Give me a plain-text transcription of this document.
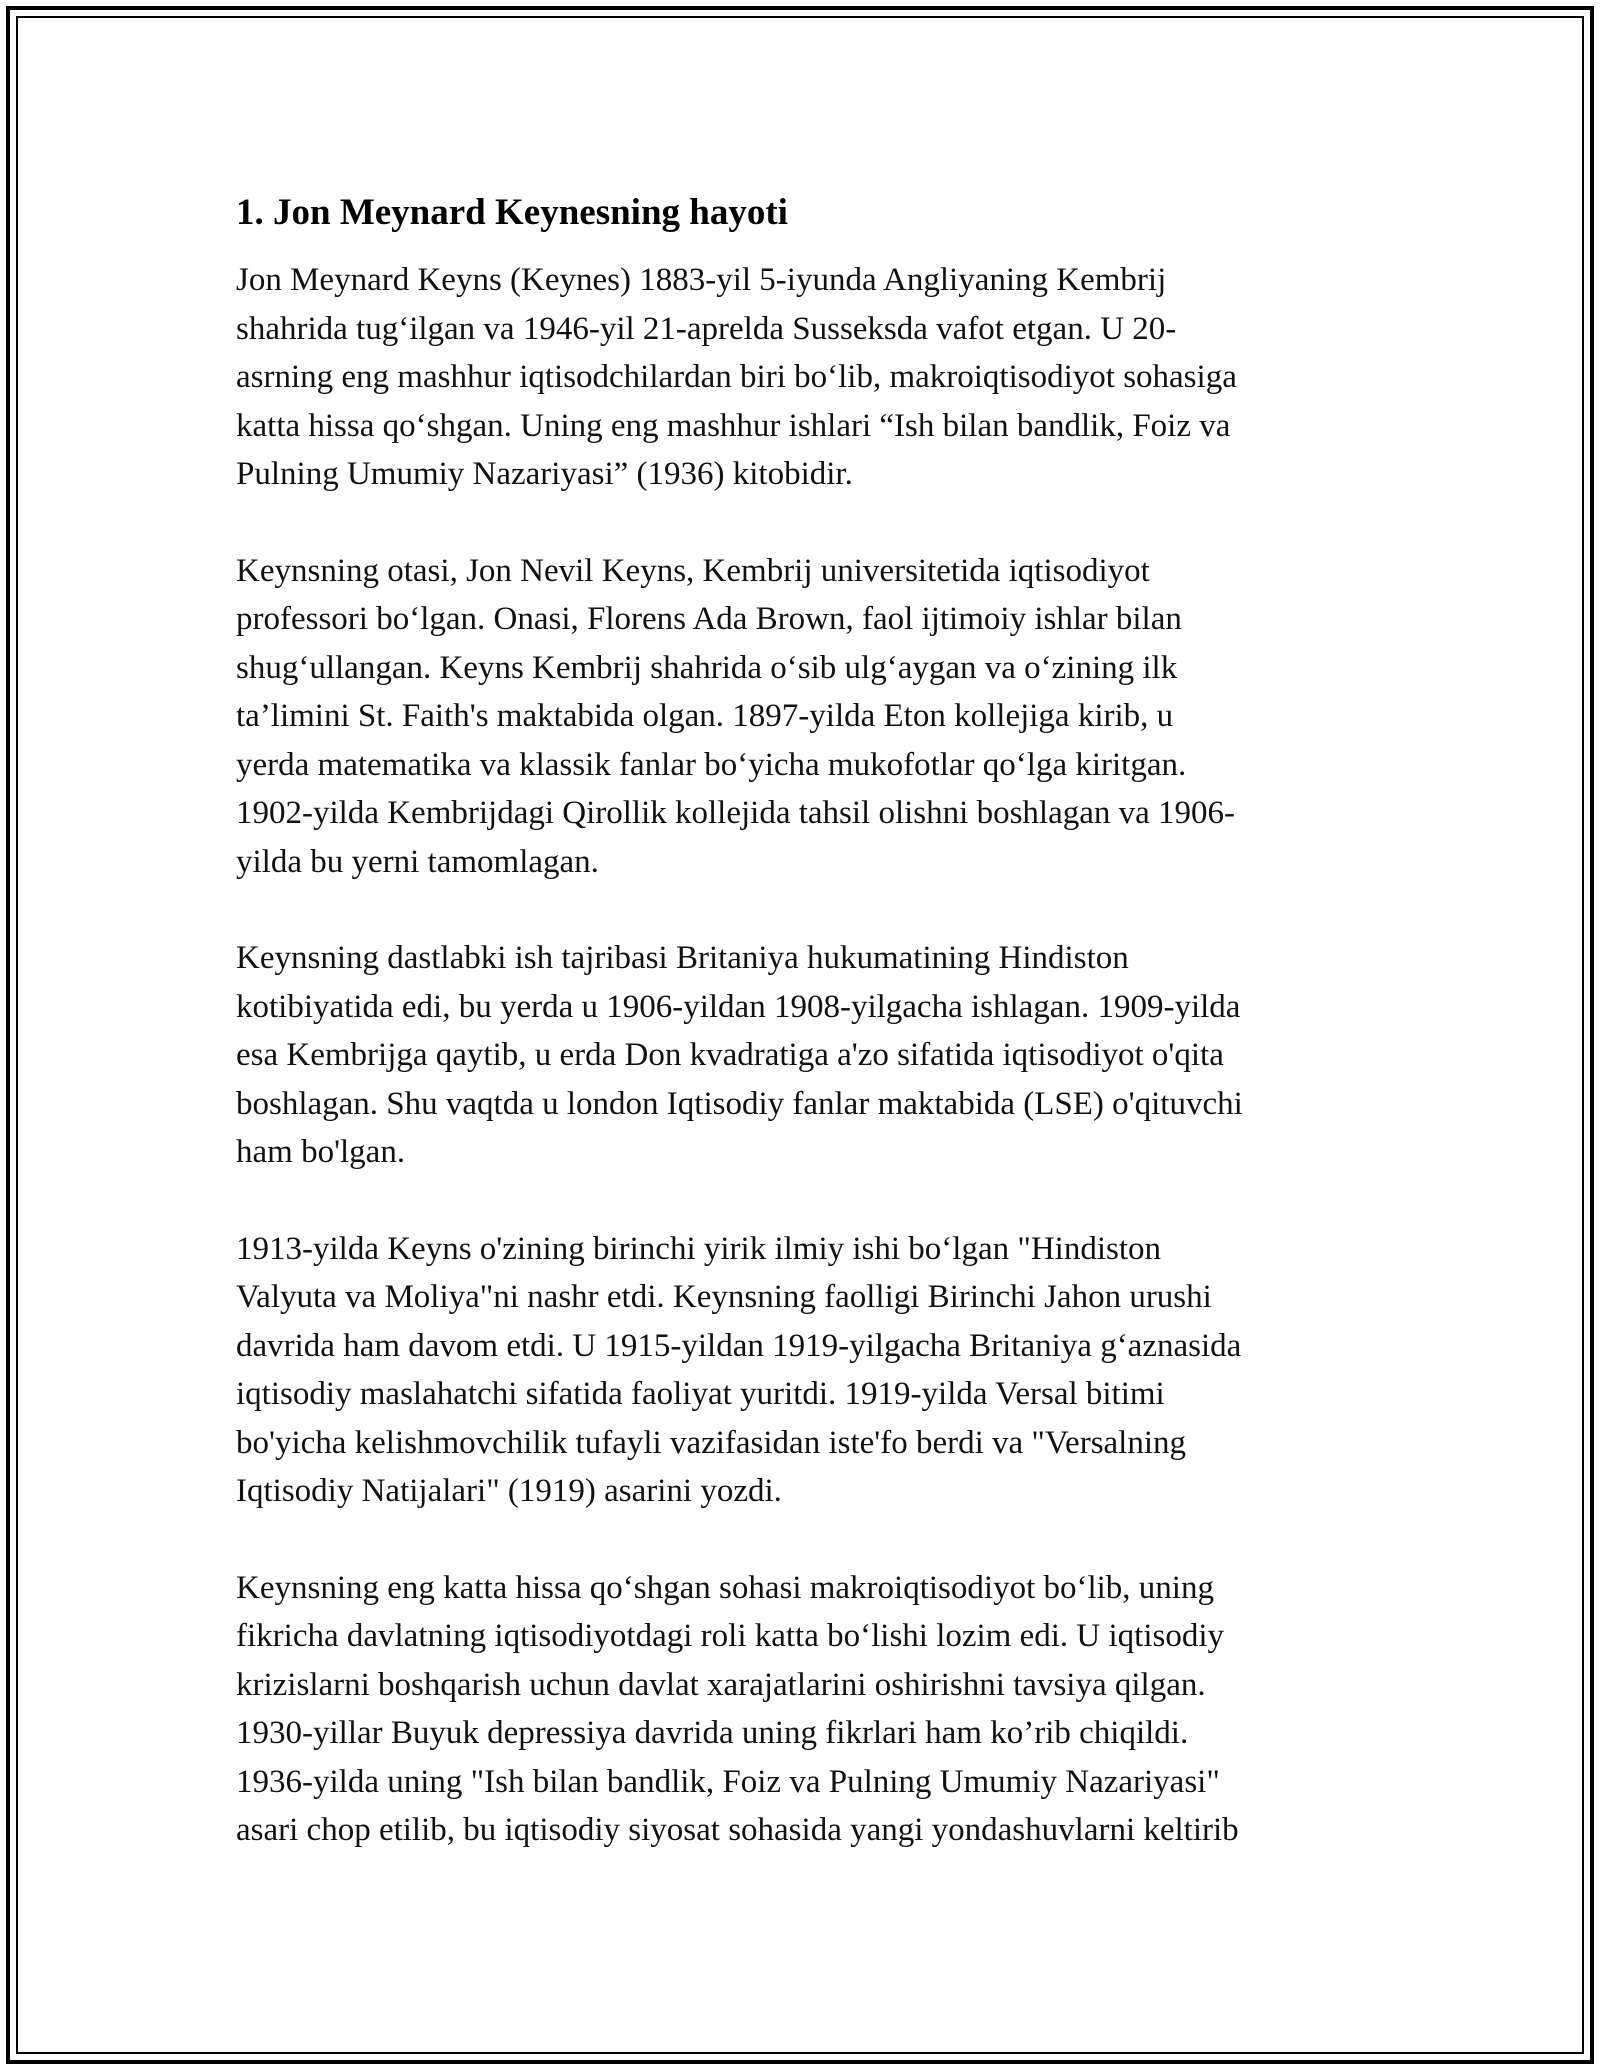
1. Jon Meynard Keynesning hayoti

Jon Meynard Keyns (Keynes) 1883-yil 5-iyunda Angliyaning Kembrij
shahrida tug‘ilgan va 1946-yil 21-aprelda Susseksda vafot etgan. U 20-
asrning eng mashhur iqtisodchilardan biri bo‘lib, makroiqtisodiyot sohasiga
katta hissa qo‘shgan. Uning eng mashhur ishlari “Ish bilan bandlik, Foiz va
Pulning Umumiy Nazariyasi” (1936) kitobidir.

Keynsning otasi, Jon Nevil Keyns, Kembrij universitetida iqtisodiyot
professori bo‘lgan. Onasi, Florens Ada Brown, faol ijtimoiy ishlar bilan
shug‘ullangan. Keyns Kembrij shahrida o‘sib ulg‘aygan va o‘zining ilk
ta’limini St. Faith's maktabida olgan. 1897-yilda Eton kollejiga kirib, u
yerda matematika va klassik fanlar bo‘yicha mukofotlar qo‘lga kiritgan.
1902-yilda Kembrijdagi Qirollik kollejida tahsil olishni boshlagan va 1906-
yilda bu yerni tamomlagan.

Keynsning dastlabki ish tajribasi Britaniya hukumatining Hindiston
kotibiyatida edi, bu yerda u 1906-yildan 1908-yilgacha ishlagan. 1909-yilda
esa Kembrijga qaytib, u erda Don kvadratiga a'zo sifatida iqtisodiyot o'qita
boshlagan. Shu vaqtda u london Iqtisodiy fanlar maktabida (LSE) o'qituvchi
ham bo'lgan.

1913-yilda Keyns o'zining birinchi yirik ilmiy ishi bo‘lgan "Hindiston
Valyuta va Moliya"ni nashr etdi. Keynsning faolligi Birinchi Jahon urushi
davrida ham davom etdi. U 1915-yildan 1919-yilgacha Britaniya g‘aznasida
iqtisodiy maslahatchi sifatida faoliyat yuritdi. 1919-yilda Versal bitimi
bo'yicha kelishmovchilik tufayli vazifasidan iste'fo berdi va "Versalning
Iqtisodiy Natijalari" (1919) asarini yozdi.

Keynsning eng katta hissa qo‘shgan sohasi makroiqtisodiyot bo‘lib, uning
fikricha davlatning iqtisodiyotdagi roli katta bo‘lishi lozim edi. U iqtisodiy
krizislarni boshqarish uchun davlat xarajatlarini oshirishni tavsiya qilgan.
1930-yillar Buyuk depressiya davrida uning fikrlari ham ko’rib chiqildi.
1936-yilda uning "Ish bilan bandlik, Foiz va Pulning Umumiy Nazariyasi"
asari chop etilib, bu iqtisodiy siyosat sohasida yangi yondashuvlarni keltirib
